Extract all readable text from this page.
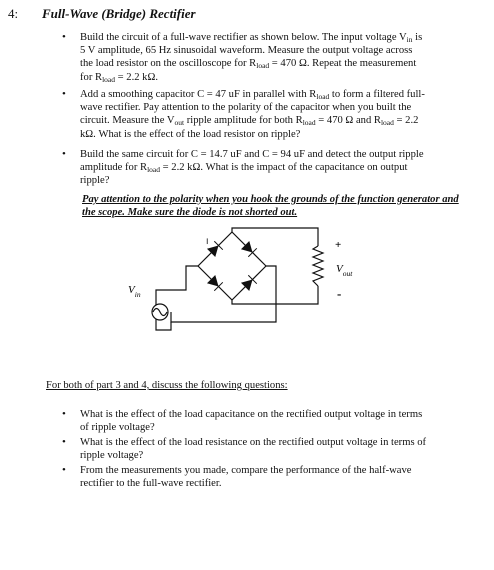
4: Full-Wave (Bridge) Rectifier
• Build the circuit of a full-wave rectifier as shown below. The input voltage $V_{in}$ is
5 V amplitude, 65 Hz sinusoidal waveform. Measure the output voltage across
the load resistor on the oscilloscope for $R_{load} = 470$ Ω. Repeat the measurement
for $R_{load} = 2.2$ kΩ.
• Add a smoothing capacitor C = 47 uF in parallel with $R_{load}$ to form a filtered full-
wave rectifier. Pay attention to the polarity of the capacitor when you built the
circuit. Measure the $V_{out}$ ripple amplitude for both $R_{load} = 470$ Ω and $R_{load} = 2.2$
kΩ. What is the effect of the load resistor on ripple?
• Build the same circuit for C = 14.7 uF and C = 94 uF and detect the output ripple
amplitude for $R_{load} = 2.2$ kΩ. What is the impact of the capacitance on output
ripple?
Pay attention to the polarity when you hook the grounds of the function generator and the scope. Make sure the diode is not shorted out.
$V_{in}$
$V_{out}$
+
-
For both of part 3 and 4, discuss the following questions:
• What is the effect of the load capacitance on the rectified output voltage in terms
of ripple voltage?
• What is the effect of the load resistance on the rectified output voltage in terms of
ripple voltage?
• From the measurements you made, compare the performance of the half-wave
rectifier to the full-wave rectifier.
